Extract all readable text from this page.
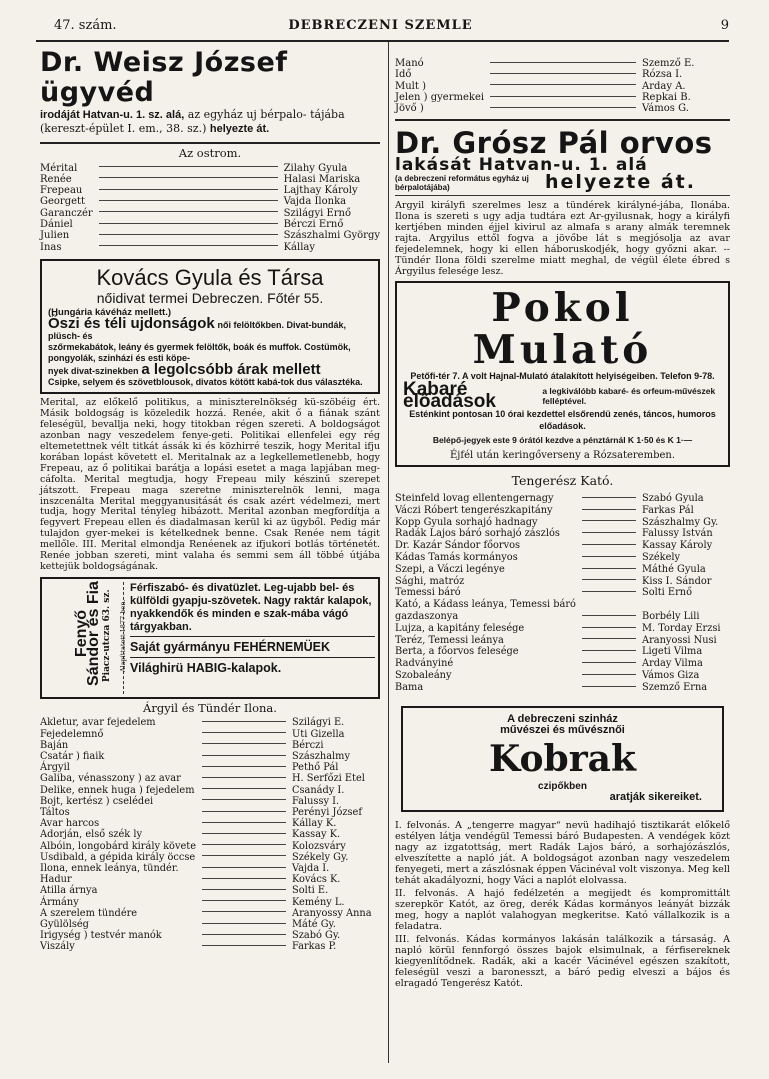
47. szám.	DEBRECZENI SZEMLE	9
Dr. Weisz József ügyvéd
irodáját Hatvan-u. 1. sz. alá, az egyház uj bérpalo- tájába (kereszt-épület I. em., 38. sz.) helyezte át.
Az ostrom.
Mérital		Zilahy Gyula
Renée		Halasi Mariska
Frepeau		Lajthay Károly
Georgett		Vajda Ilonka
Garanczér		Szilágyi Ernő
Dániel		Bérczi Ernő
Julien		Szászhalmi György
Inas		Kállay
Kovács Gyula és Társa
nőidivat termei Debreczen. Főtér 55.
(Hungária kávéház mellett.)
Őszi és téli ujdonságok női felöltőkben. Divat-bundák, plüsch- és
szőrmekabátok, leány és gyermek felöltők, boák és muffok. Costümök, pongyolák, szinházi és esti köpe-
nyek divat-szinekben a legolcsóbb árak mellett
Csipke, selyem és szövetblousok, divatos kötött kabá-tok dus választéka.
Merital, az előkelő politikus, a miniszterelnökség kü-szöbéig ért. Másik boldogság is közeledik hozzá. Renée, akit ő a fiának szánt feleségül, bevallja neki, hogy titokban régen szereti. A boldogságot azonban nagy veszedelem fenye-geti. Politikai ellenfelei egy rég eltemetettnek vélt titkát ássák ki és közhirré teszik, hogy Merital ifju korában lopást követett el. Meritalnak az a legkellemetlenebb, hogy Frepeau, az ő politikai barátja a lopási esetet a maga lapjában meg-cáfolta. Merital megtudja, hogy Frepeau mily készinű szerepet játszott. Frepeau maga szeretne miniszterelnök lenni, maga inszcenálta Merital meggyanusitását és csak azért védelmezi, mert tudja, hogy Merital tényleg hibázott. Merital azonban megfordítja a fegyvert Frepeau ellen és diadalmasan kerül ki az ügyből. Pedig már tulajdon gyer-mekei is kételkednek benne. Csak Renée nem tágit mellőle. III. Merital elmondja Renéenek az ifjukori botlás történetét. Renée jobban szereti, mint valaha és semmi sem áll többé útjába kettejük boldogságának.
Fenyő Sándor és Fia Piacz-utcza 63. sz. Alapíttatott 1877-ben.
Férfiszabó- és divatüzlet. Leg-ujabb bel- és külföldi gyapju-szövetek. Nagy raktár kalapok, nyakkendők és minden e szak-mába vágó tárgyakban.
Saját gyármányu FEHÉRNEMÜEK
Világhirü HABIG-kalapok.
Árgyil és Tündér Ilona.
Akletur, avar fejedelem		Szilágyi E.
Fejedelemnő		Uti Gizella
Baján		Bérczi
Csatár ) fiaik		Szászhalmy
Árgyil		Pethő Pál
Galiba, vénasszony ) az avar		H. Serfőzi Etel
Delike, ennek huga ) fejedelem		Csanády I.
Bojt, kertész ) cselédei		Falussy I.
Táltos		Perényi József
Avar harcos		Kállay K.
Adorján, első szék ly		Kassay K.
Albóin, longobárd király követe		Kolozsváry
Usdibald, a gépida király öccse		Székely Gy.
Ilona, ennek leánya, tündér.		Vajda I.
Hadur		Kovács K.
Atilla árnya		Solti E.
Ármány		Kemény L.
A szerelem tündére		Aranyossy Anna
Gyülölség		Máté Gy.
Irigység ) testvér manók		Szabó Gy.
Viszály		Farkas P.
Manó		Szemző E.
Idő		Rózsa I.
Mult )		Arday A.
Jelen ) gyermekei		Repkai B.
Jövő )		Vámos G.
Dr. Grósz Pál orvos
lakását Hatvan-u. 1. alá
(a debreczeni református egyház uj bérpalotájába)	helyezte át.
Argyil királyfi szerelmes lesz a tündérek királyné-jába, Ilonába. Ilona is szereti s ugy adja tudtára ezt Ar-gyilusnak, hogy a királyfi kertjében minden éjjel kivirul az almafa s arany almák teremnek rajta. Argyilus ettől fogva a jövőbe lát s megjósolja az avar fejedelemnek, hogy ki ellen háboruskodjék, hogy győzni akar. -- Tündér Ilona földi szerelme miatt meghal, de végül élete ébred s Árgyilus felesége lesz.
Pokol Mulató
Petőfi-tér 7. A volt Hajnal-Mulató átalakított helyiségeiben. Telefon 9-78.
Kabaré előadások	a legkiválóbb kabaré- és orfeum-művészek felléptével.
Esténkint pontosan 10 órai kezdettel elsőrendü zenés, táncos, humoros előadások.
Belépő-jegyek este 9 órától kezdve a pénztárnál K 1·50 és K 1·—
Éjfél után keringőverseny a Rózsateremben.
Tengerész Kató.
Steinfeld lovag ellentengernagy		Szabó Gyula
Váczi Róbert tengerészkapitány		Farkas Pál
Kopp Gyula sorhajó hadnagy		Szászhalmy Gy.
Radák Lajos báró sorhajó zászlós		Falussy István
Dr. Kazár Sándor főorvos		Kassay Károly
Kádas Tamás kormányos		Székely
Szepi, a Váczi legénye		Máthé Gyula
Sághi, matróz		Kiss I. Sándor
Temessi báró		Solti Ernő
Kató, a Kádass leánya, Temessi báró	

gazdaszonya		Borbély Lili
Lujza, a kapitány felesége		M. Torday Erzsi
Teréz, Temessi leánya		Aranyossi Nusi
Berta, a főorvos felesége		Ligeti Vilma
Radványiné		Arday Vilma
Szobaleány		Vámos Giza
Bama		Szemző Erna
A debreczeni szinház
művészei és művésznői
Kobrak
czipőkben
aratják sikereiket.
I. felvonás. A „tengerre magyar“ nevü hadihajó tisztikarát előkelő estélyen látja vendégül Temessi báró Budapesten. A vendégek közt nagy az izgatottság, mert Radák Lajos báró, a sorhajózászlós, elveszítette a napló ját. A boldogságot azonban nagy veszedelem fenyegeti, mert a zászlósnak éppen Vácinéval volt viszonya. Meg kell tehát akadályozni, hogy Váci a naplót elolvassa.
II. felvonás. A hajó fedélzetén a megijedt és kompromittált szerepkör Katót, az öreg, derék Kádas kormányos leányát bizzák meg, hogy a naplót valahogyan megkeritse. Kató vállalkozik is a feladatra.
III. felvonás. Kádas kormányos lakásán találkozik a társaság. A napló körül fennforgó összes bajok elsimulnak, a férfisereknek kiegyenlítődnek. Radák, aki a kacér Vácinével egészen szakított, feleségül veszi a baronesszt, a báró pedig elveszi a bájos és elragadó Tengerész Katót.
